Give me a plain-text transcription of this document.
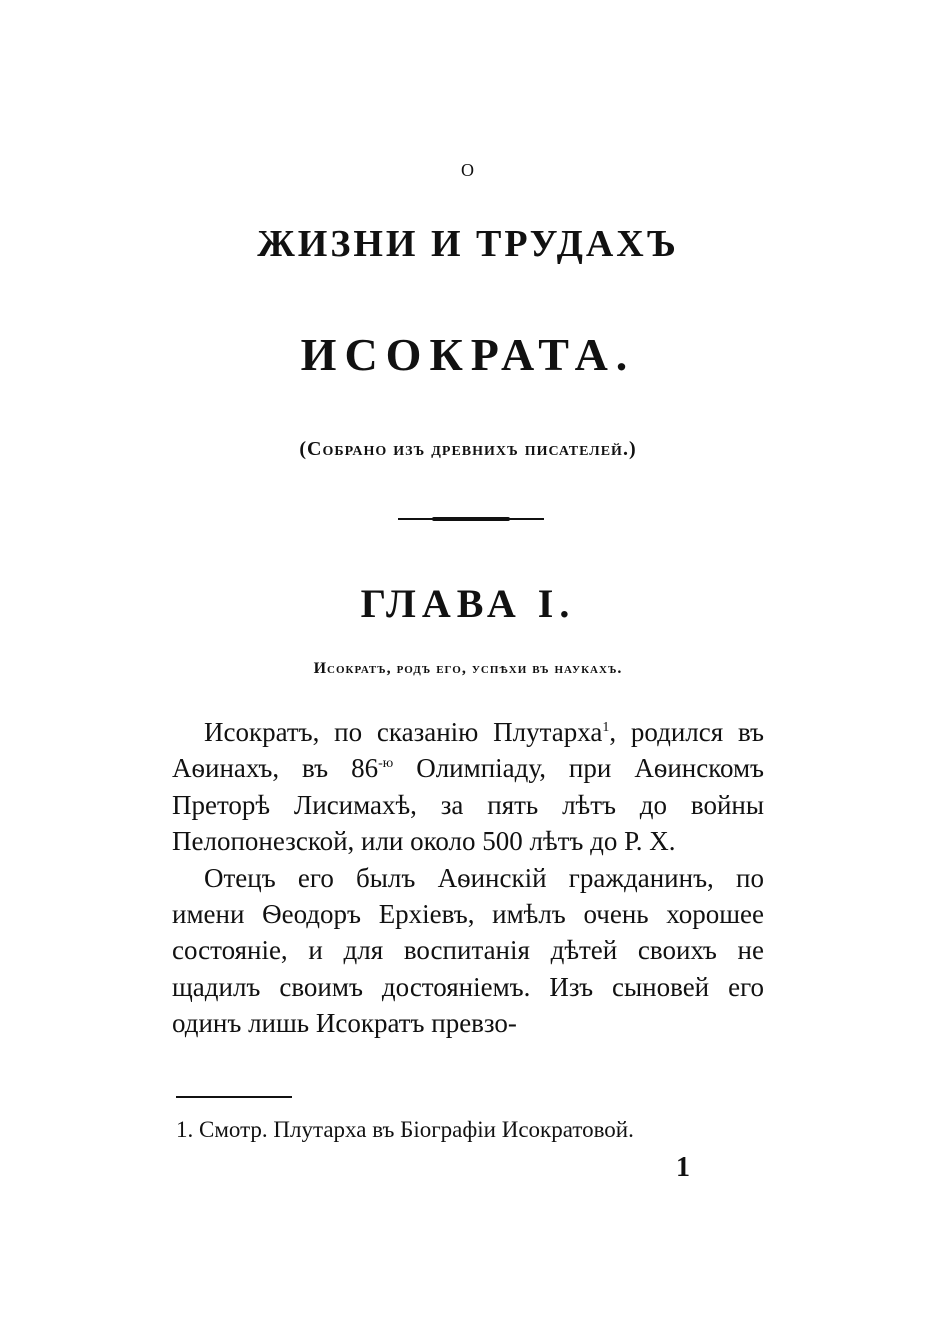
О
ЖИЗНИ И ТРУДАХЪ
ИСОКРАТА.
(Собрано изъ древнихъ писателей.)
ГЛАВА I.
Исократъ, родъ его, успѣхи въ наукахъ.

Исократъ, по сказанію Плутарха$^1$, родился въ Аѳинахъ, въ $86^{-ю}$ Олимпіаду, при Аѳинскомъ Преторѣ Лисимахѣ, за пять лѣтъ до войны Пелопонезской, или около 500 лѣтъ до Р. X.

Отецъ его былъ Аѳинскій гражданинъ, по имени Ѳеодоръ Ерхіевъ, имѣлъ очень хорошее состояніе, и для воспитанія дѣтей своихъ не щадилъ своимъ достояніемъ. Изъ сыновей его одинъ лишь Исократъ превзо-

1. Смотр. Плутарха въ Біографіи Исократовой.
1
